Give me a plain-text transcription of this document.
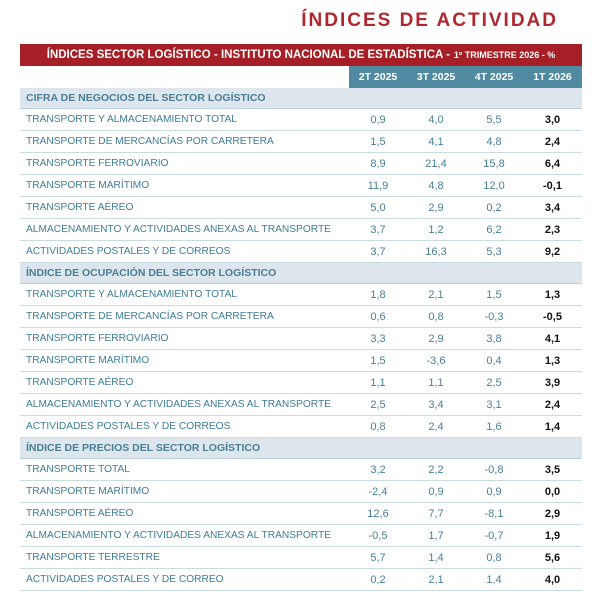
ÍNDICES DE ACTIVIDAD
ÍNDICES SECTOR LOGÍSTICO - INSTITUTO NACIONAL DE ESTADÍSTICA - 1º TRIMESTRE 2026 - %
2T 2025	3T 2025	4T 2025	1T 2026
CIFRA DE NEGOCIOS DEL SECTOR LOGÍSTICO
TRANSPORTE Y ALMACENAMIENTO TOTAL	0,9	4,0	5,5	3,0
TRANSPORTE DE MERCANCÍAS POR CARRETERA	1,5	4,1	4,8	2,4
TRANSPORTE FERROVIARIO	8,9	21,4	15,8	6,4
TRANSPORTE MARÍTIMO	11,9	4,8	12,0	-0,1
TRANSPORTE AÉREO	5,0	2,9	0,2	3,4
ALMACENAMIENTO Y ACTIVIDADES ANEXAS AL TRANSPORTE	3,7	1,2	6,2	2,3
ACTIVIDADES POSTALES Y DE CORREOS	3,7	16,3	5,3	9,2
ÍNDICE DE OCUPACIÓN DEL SECTOR LOGÍSTICO
TRANSPORTE Y ALMACENAMIENTO TOTAL	1,8	2,1	1,5	1,3
TRANSPORTE DE MERCANCÍAS POR CARRETERA	0,6	0,8	-0,3	-0,5
TRANSPORTE FERROVIARIO	3,3	2,9	3,8	4,1
TRANSPORTE MARÍTIMO	1,5	-3,6	0,4	1,3
TRANSPORTE AÉREO	1,1	1,1	2,5	3,9
ALMACENAMIENTO Y ACTIVIDADES ANEXAS AL TRANSPORTE	2,5	3,4	3,1	2,4
ACTIVIDADES POSTALES Y DE CORREOS	0,8	2,4	1,6	1,4
ÍNDICE DE PRECIOS DEL SECTOR LOGÍSTICO
TRANSPORTE TOTAL	3,2	2,2	-0,8	3,5
TRANSPORTE MARÍTIMO	-2,4	0,9	0,9	0,0
TRANSPORTE AÉREO	12,6	7,7	-8,1	2,9
ALMACENAMIENTO Y ACTIVIDADES ANEXAS AL TRANSPORTE	-0,5	1,7	-0,7	1,9
TRANSPORTE TERRESTRE	5,7	1,4	0,8	5,6
ACTIVIDADES POSTALES Y DE CORREO	0,2	2,1	1,4	4,0
